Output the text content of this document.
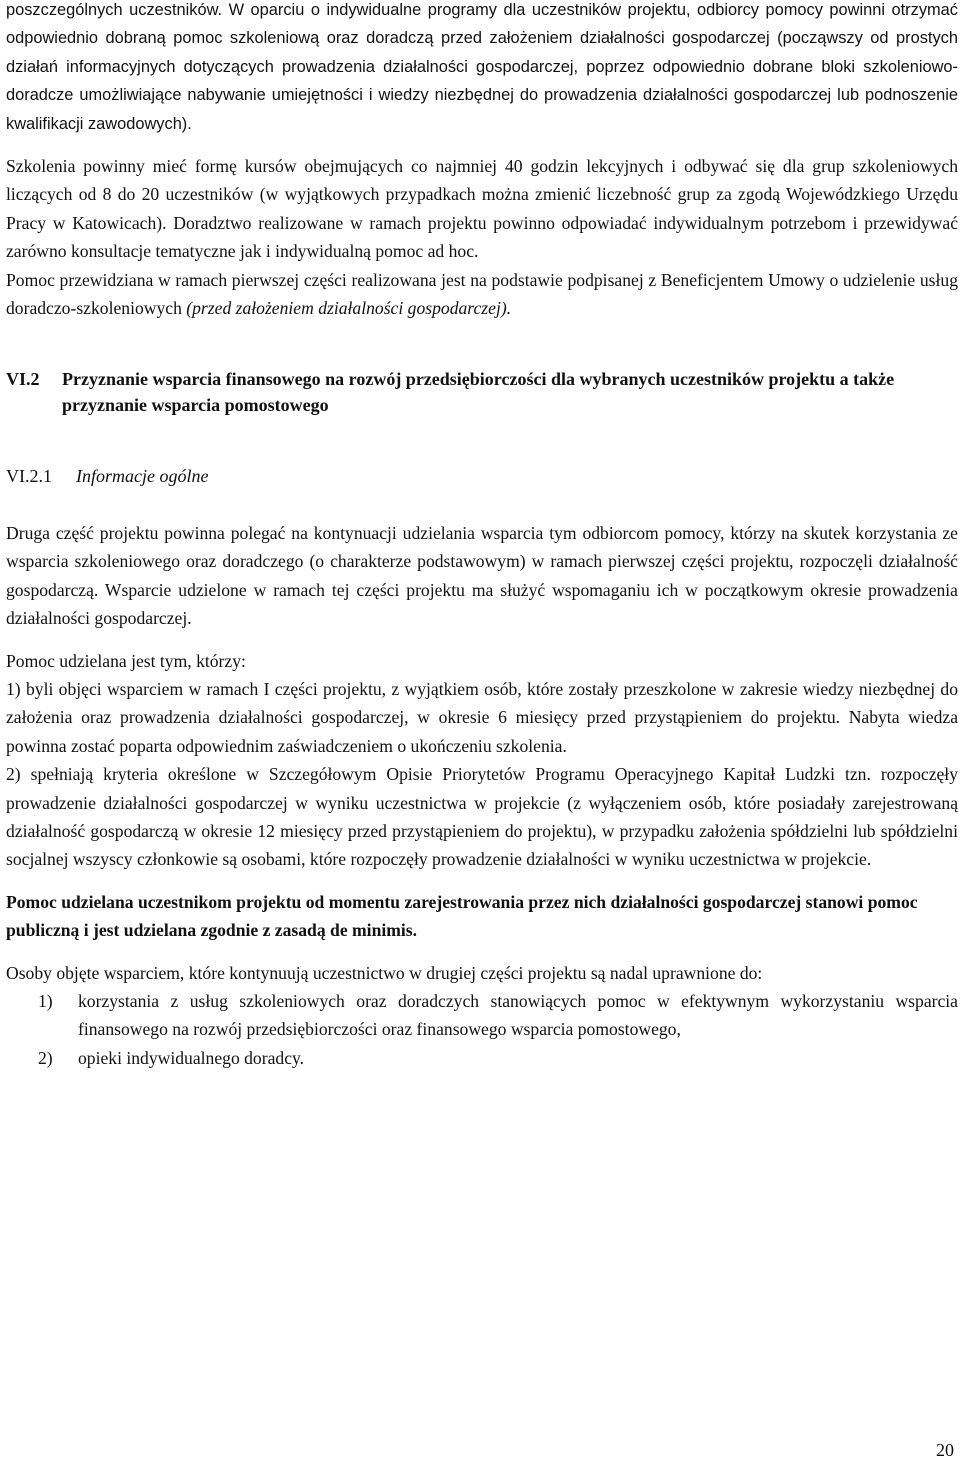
poszczególnych uczestników. W oparciu o indywidualne programy dla uczestników projektu, odbiorcy pomocy powinni otrzymać odpowiednio dobraną pomoc szkoleniową oraz doradczą przed założeniem działalności gospodarczej (począwszy od prostych działań informacyjnych dotyczących prowadzenia działalności gospodarczej, poprzez odpowiednio dobrane bloki szkoleniowo-doradcze umożliwiające nabywanie umiejętności i wiedzy niezbędnej do prowadzenia działalności gospodarczej lub podnoszenie kwalifikacji zawodowych).

Szkolenia powinny mieć formę kursów obejmujących co najmniej 40 godzin lekcyjnych i odbywać się dla grup szkoleniowych liczących od 8 do 20 uczestników (w wyjątkowych przypadkach można zmienić liczebność grup za zgodą Wojewódzkiego Urzędu Pracy w Katowicach). Doradztwo realizowane w ramach projektu powinno odpowiadać indywidualnym potrzebom i przewidywać zarówno konsultacje tematyczne jak i indywidualną pomoc ad hoc.

Pomoc przewidziana w ramach pierwszej części realizowana jest na podstawie podpisanej z Beneficjentem Umowy o udzielenie usług doradczo-szkoleniowych (przed założeniem działalności gospodarczej).

VI.2	Przyznanie wsparcia finansowego na rozwój przedsiębiorczości dla wybranych uczestników projektu a także przyznanie wsparcia pomostowego

VI.2.1 Informacje ogólne

Druga część projektu powinna polegać na kontynuacji udzielania wsparcia tym odbiorcom pomocy, którzy na skutek korzystania ze wsparcia szkoleniowego oraz doradczego (o charakterze podstawowym) w ramach pierwszej części projektu, rozpoczęli działalność gospodarczą. Wsparcie udzielone w ramach tej części projektu ma służyć wspomaganiu ich w początkowym okresie prowadzenia działalności gospodarczej.

Pomoc udzielana jest tym, którzy:

1) byli objęci wsparciem w ramach I części projektu, z wyjątkiem osób, które zostały przeszkolone w zakresie wiedzy niezbędnej do założenia oraz prowadzenia działalności gospodarczej, w okresie 6 miesięcy przed przystąpieniem do projektu. Nabyta wiedza powinna zostać poparta odpowiednim zaświadczeniem o ukończeniu szkolenia.

2) spełniają kryteria określone w Szczegółowym Opisie Priorytetów Programu Operacyjnego Kapitał Ludzki tzn. rozpoczęły prowadzenie działalności gospodarczej w wyniku uczestnictwa w projekcie (z wyłączeniem osób, które posiadały zarejestrowaną działalność gospodarczą w okresie 12 miesięcy przed przystąpieniem do projektu), w przypadku założenia spółdzielni lub spółdzielni socjalnej wszyscy członkowie są osobami, które rozpoczęły prowadzenie działalności w wyniku uczestnictwa w projekcie.

Pomoc udzielana uczestnikom projektu od momentu zarejestrowania przez nich działalności gospodarczej stanowi pomoc publiczną i jest udzielana zgodnie z zasadą de minimis.

Osoby objęte wsparciem, które kontynuują uczestnictwo w drugiej części projektu są nadal uprawnione do:

1)	korzystania z usług szkoleniowych oraz doradczych stanowiących pomoc w efektywnym wykorzystaniu wsparcia finansowego na rozwój przedsiębiorczości oraz finansowego wsparcia pomostowego,
2)	opieki indywidualnego doradcy.
20
